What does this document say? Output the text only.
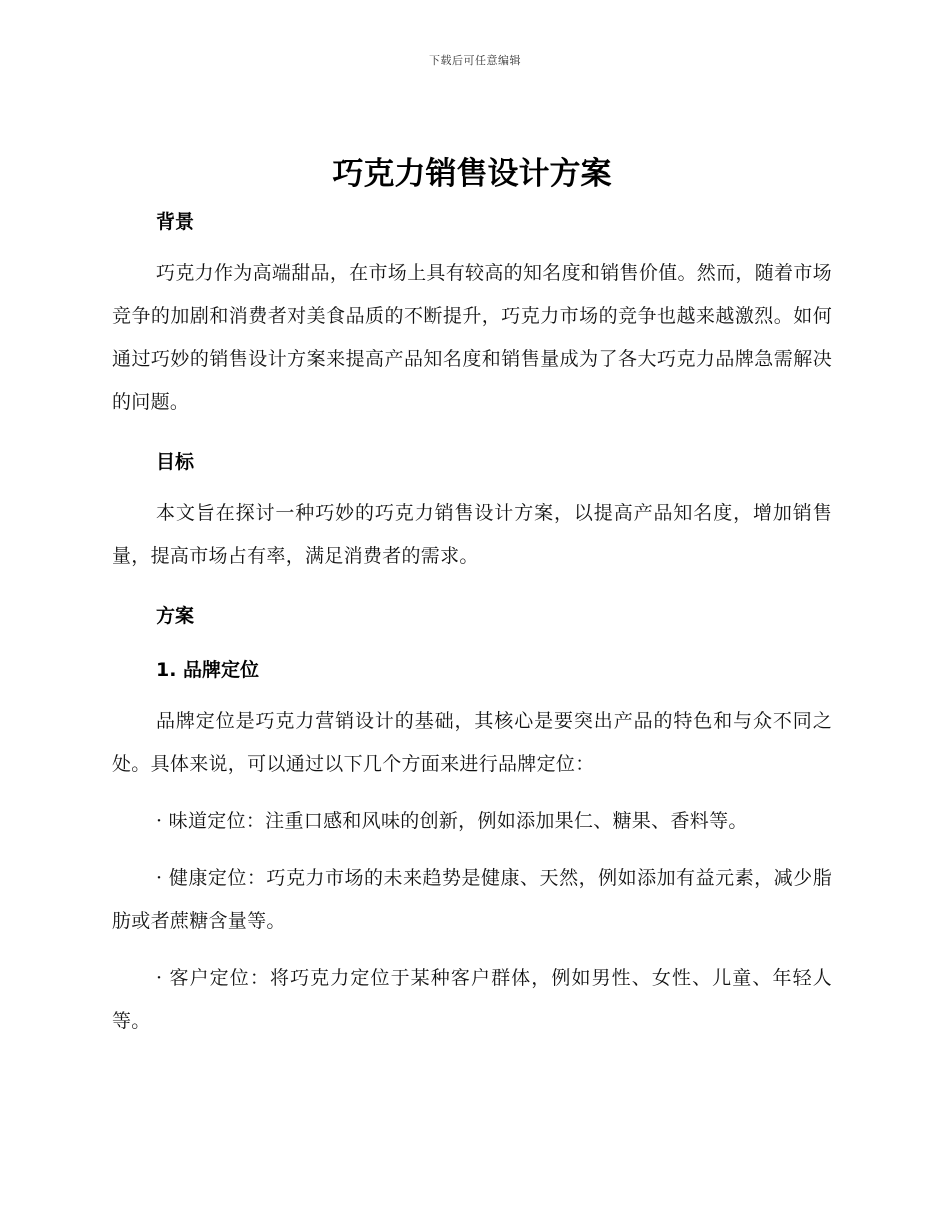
下载后可任意编辑
巧克力销售设计方案
背景

巧克力作为高端甜品，在市场上具有较高的知名度和销售价值。然而，随着市场竞争的加剧和消费者对美食品质的不断提升，巧克力市场的竞争也越来越激烈。如何通过巧妙的销售设计方案来提高产品知名度和销售量成为了各大巧克力品牌急需解决的问题。

目标

本文旨在探讨一种巧妙的巧克力销售设计方案，以提高产品知名度，增加销售量，提高市场占有率，满足消费者的需求。

方案
1. 品牌定位

品牌定位是巧克力营销设计的基础，其核心是要突出产品的特色和与众不同之处。具体来说，可以通过以下几个方面来进行品牌定位：

· 味道定位：注重口感和风味的创新，例如添加果仁、糖果、香料等。

· 健康定位：巧克力市场的未来趋势是健康、天然，例如添加有益元素，减少脂肪或者蔗糖含量等。

· 客户定位：将巧克力定位于某种客户群体，例如男性、女性、儿童、年轻人等。
